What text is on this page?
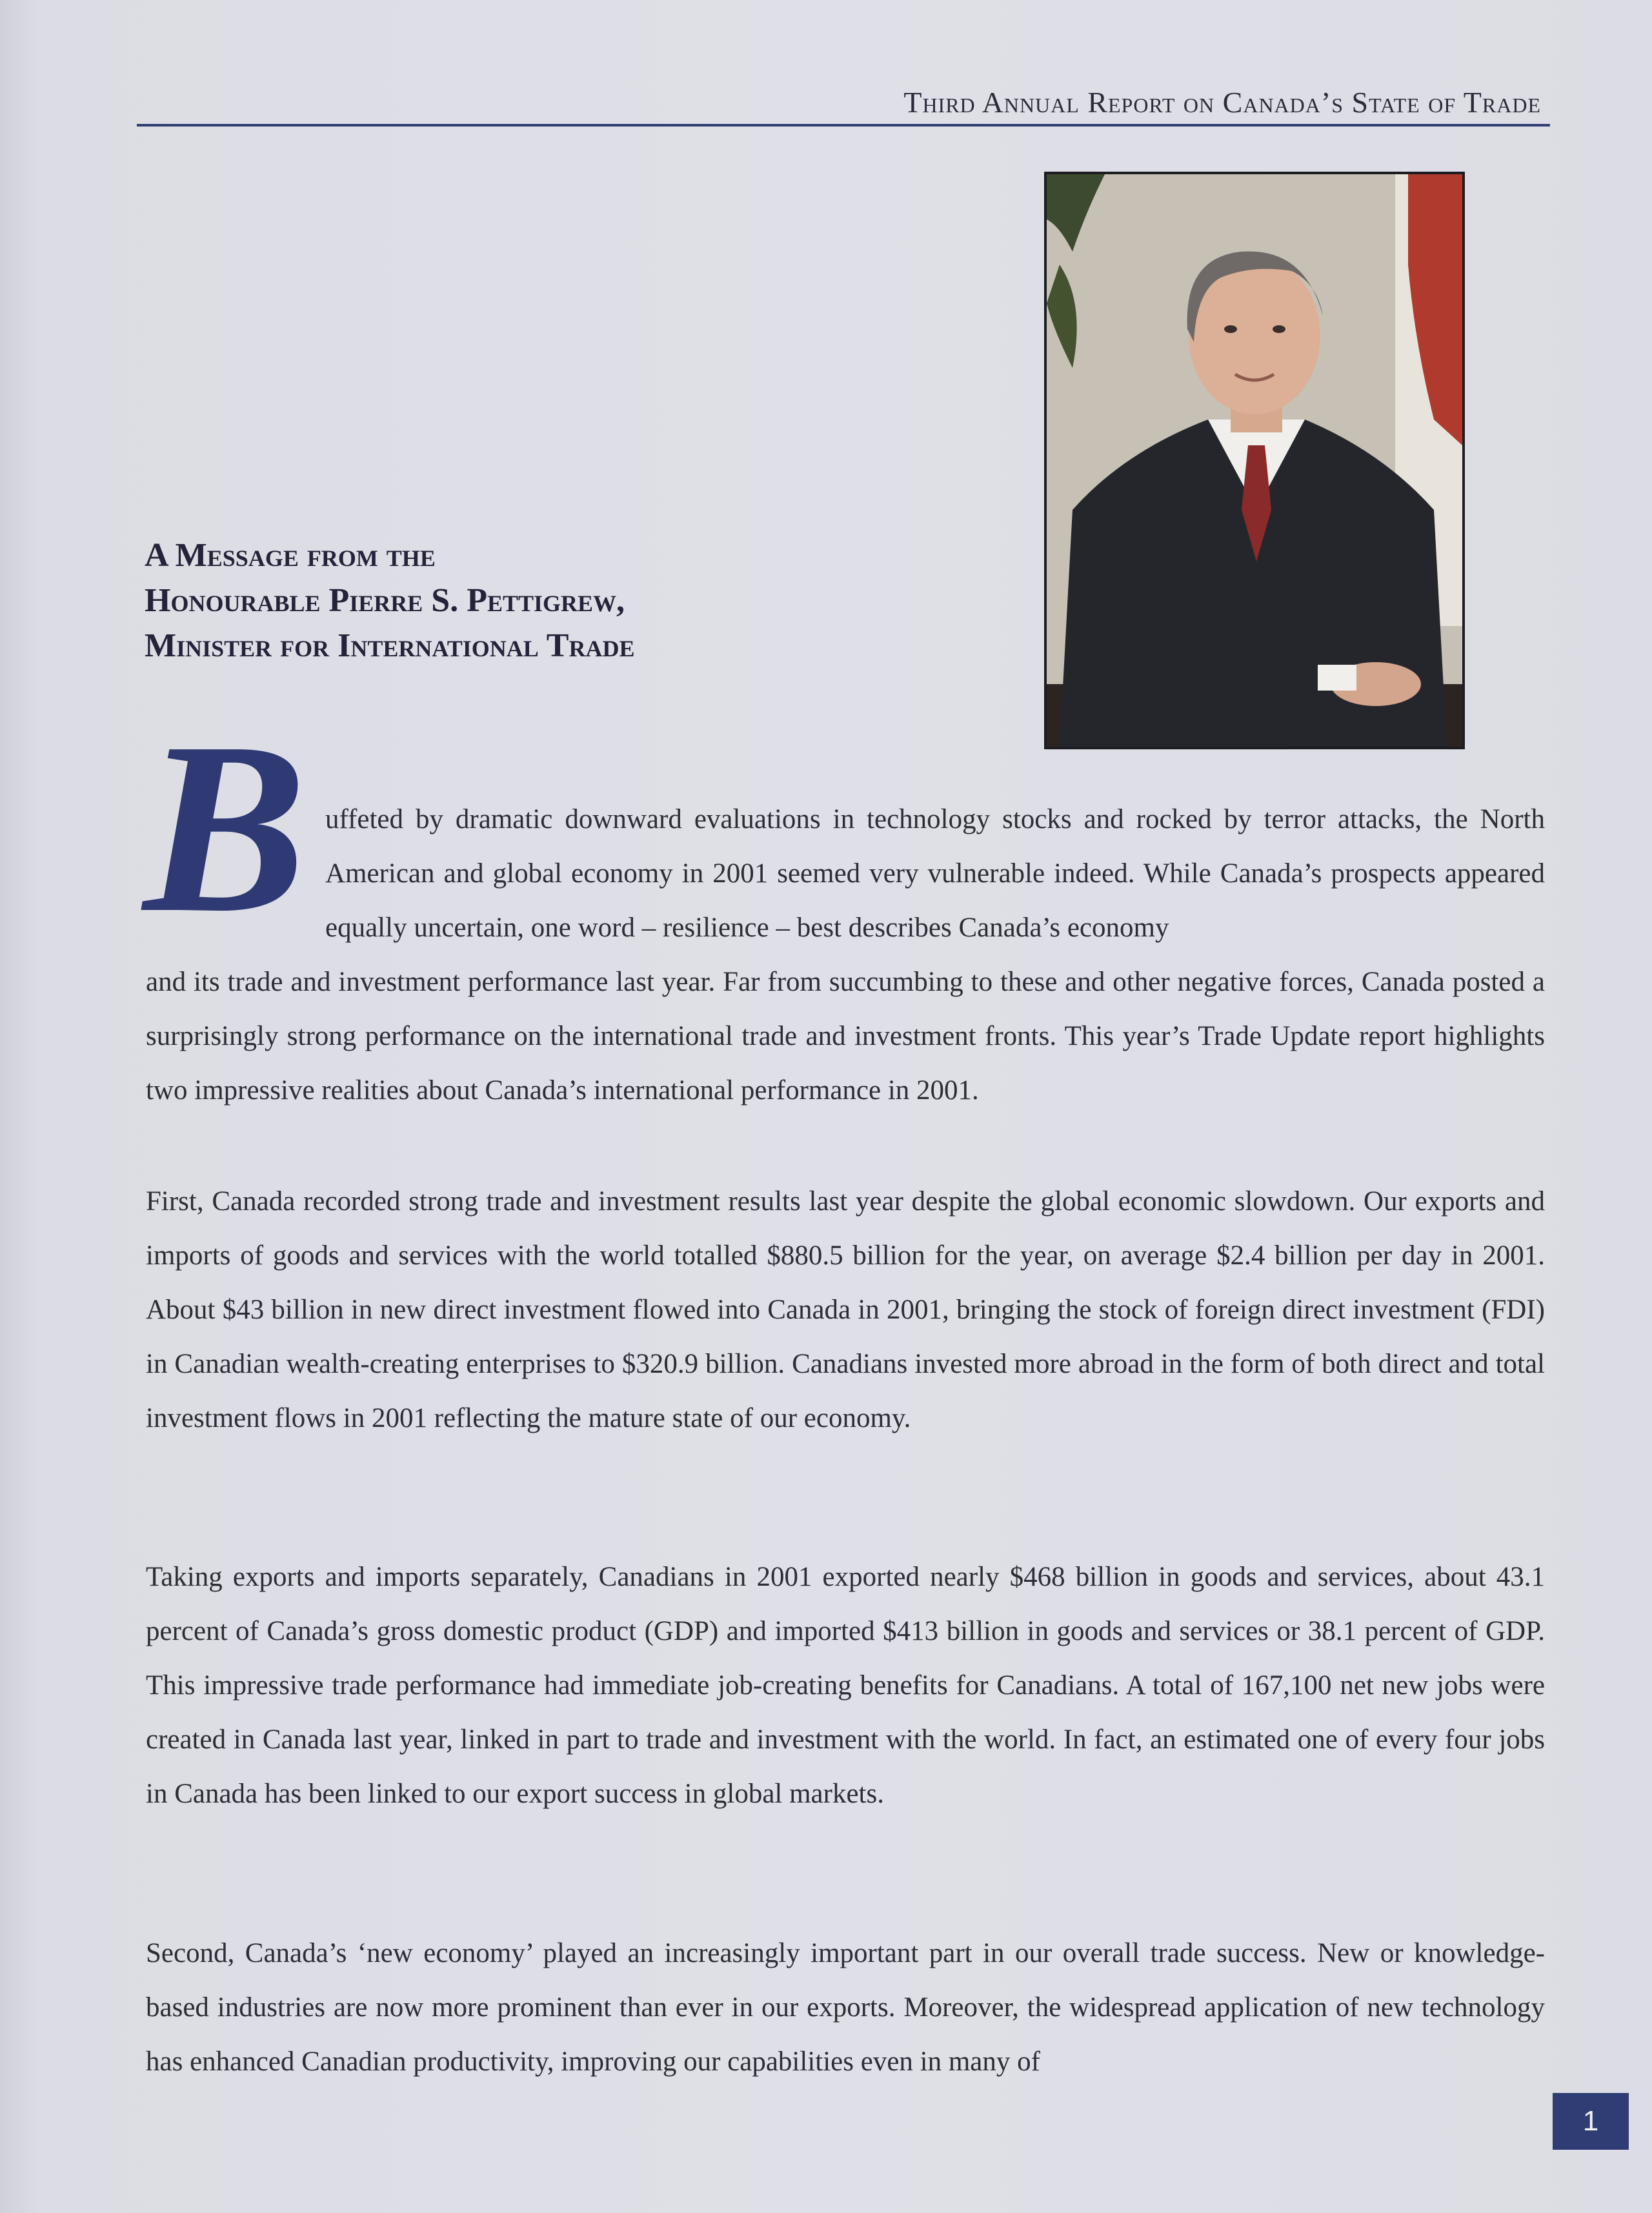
Third Annual Report on Canada’s State of Trade
A Message from the
Honourable Pierre S. Pettigrew,
Minister for International Trade
B uffeted by dramatic downward evaluations in technology stocks and rocked by terror attacks, the North American and global economy in 2001 seemed very vulnerable indeed. While Canada’s prospects appeared equally uncertain, one word – resilience – best describes Canada’s economy
and its trade and investment performance last year. Far from succumbing to these and other negative forces, Canada posted a surprisingly strong performance on the international trade and investment fronts. This year’s Trade Update report highlights two impressive realities about Canada’s international performance in 2001.
First, Canada recorded strong trade and investment results last year despite the global economic slowdown. Our exports and imports of goods and services with the world totalled $880.5 billion for the year, on average $2.4 billion per day in 2001. About $43 billion in new direct investment flowed into Canada in 2001, bringing the stock of foreign direct investment (FDI) in Canadian wealth-creating enterprises to $320.9 billion. Canadians invested more abroad in the form of both direct and total investment flows in 2001 reflecting the mature state of our economy.
Taking exports and imports separately, Canadians in 2001 exported nearly $468 billion in goods and services, about 43.1 percent of Canada’s gross domestic product (GDP) and imported $413 billion in goods and services or 38.1 percent of GDP. This impressive trade performance had immediate job-creating benefits for Canadians. A total of 167,100 net new jobs were created in Canada last year, linked in part to trade and investment with the world. In fact, an estimated one of every four jobs in Canada has been linked to our export success in global markets.
Second, Canada’s ‘new economy’ played an increasingly important part in our overall trade success. New or knowledge-based industries are now more prominent than ever in our exports. Moreover, the widespread application of new technology has enhanced Canadian productivity, improving our capabilities even in many of
1
